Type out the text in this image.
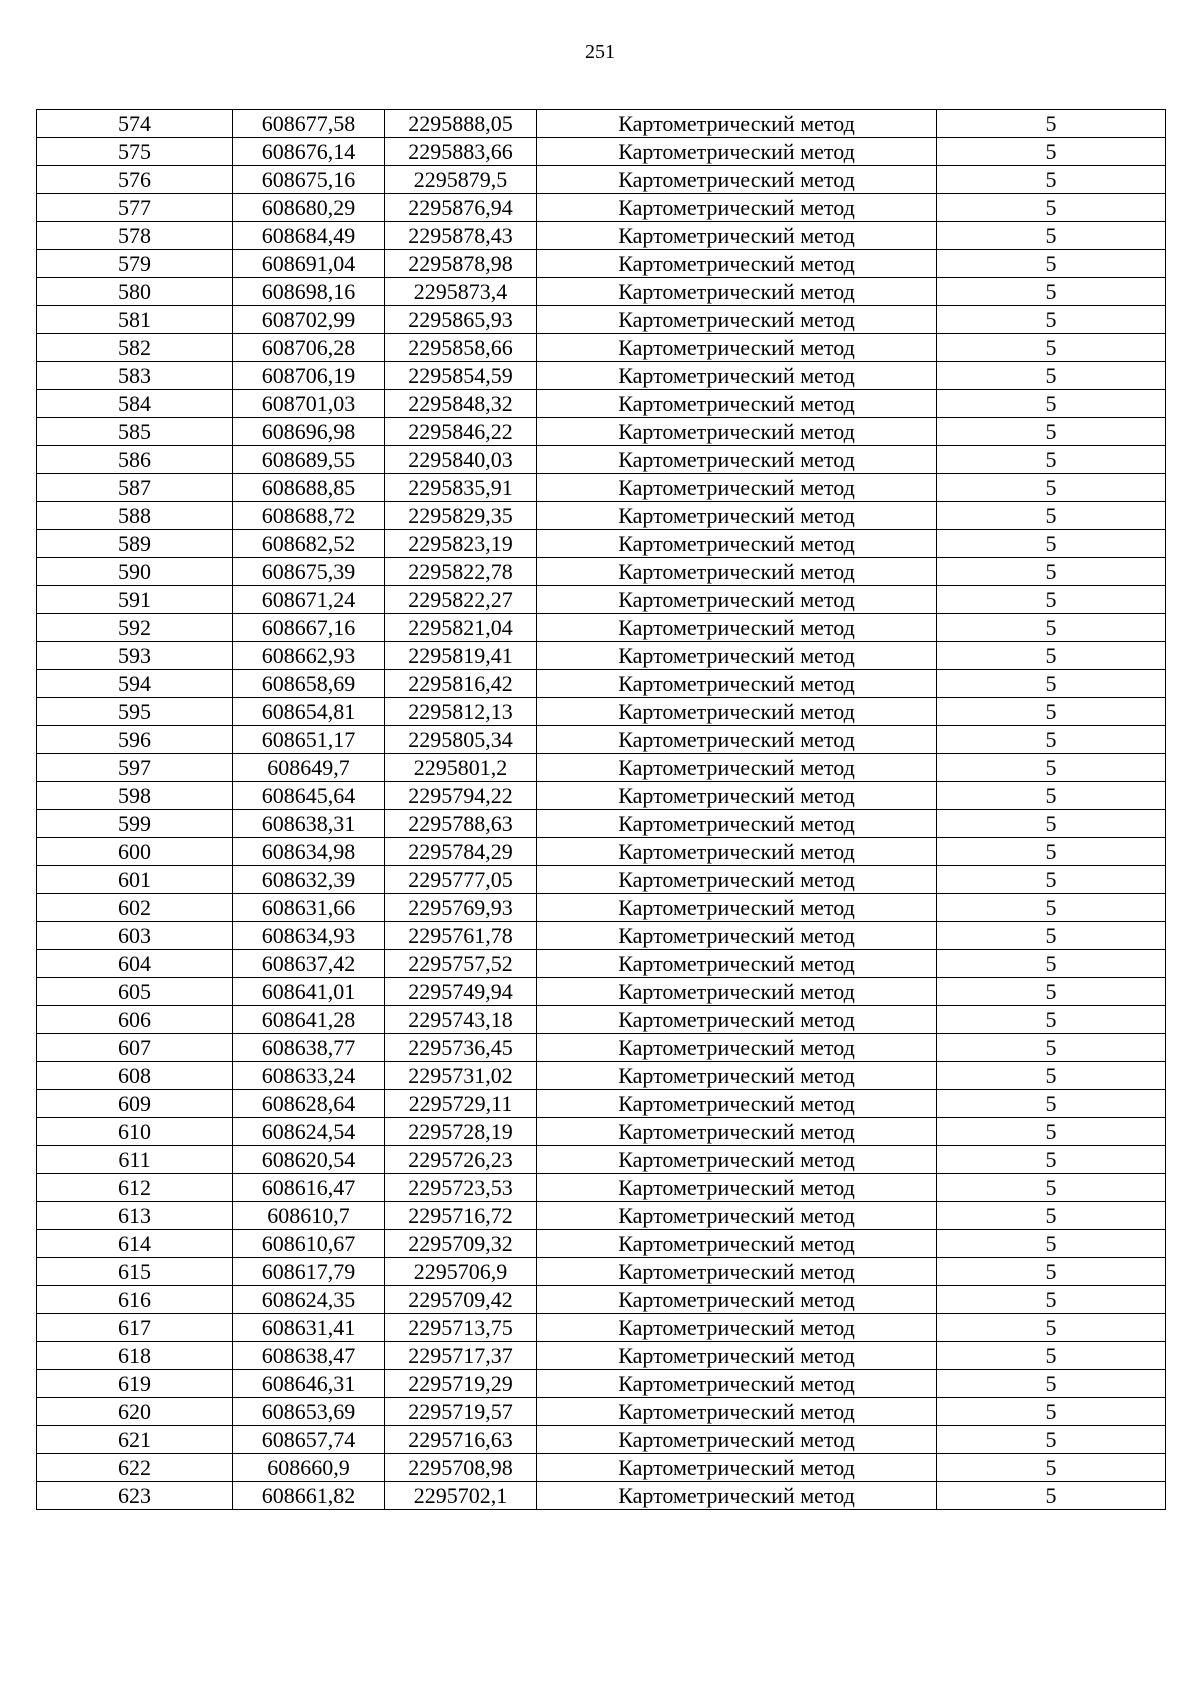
251
574	608677,58	2295888,05	Картометрический метод	5
575	608676,14	2295883,66	Картометрический метод	5
576	608675,16	2295879,5	Картометрический метод	5
577	608680,29	2295876,94	Картометрический метод	5
578	608684,49	2295878,43	Картометрический метод	5
579	608691,04	2295878,98	Картометрический метод	5
580	608698,16	2295873,4	Картометрический метод	5
581	608702,99	2295865,93	Картометрический метод	5
582	608706,28	2295858,66	Картометрический метод	5
583	608706,19	2295854,59	Картометрический метод	5
584	608701,03	2295848,32	Картометрический метод	5
585	608696,98	2295846,22	Картометрический метод	5
586	608689,55	2295840,03	Картометрический метод	5
587	608688,85	2295835,91	Картометрический метод	5
588	608688,72	2295829,35	Картометрический метод	5
589	608682,52	2295823,19	Картометрический метод	5
590	608675,39	2295822,78	Картометрический метод	5
591	608671,24	2295822,27	Картометрический метод	5
592	608667,16	2295821,04	Картометрический метод	5
593	608662,93	2295819,41	Картометрический метод	5
594	608658,69	2295816,42	Картометрический метод	5
595	608654,81	2295812,13	Картометрический метод	5
596	608651,17	2295805,34	Картометрический метод	5
597	608649,7	2295801,2	Картометрический метод	5
598	608645,64	2295794,22	Картометрический метод	5
599	608638,31	2295788,63	Картометрический метод	5
600	608634,98	2295784,29	Картометрический метод	5
601	608632,39	2295777,05	Картометрический метод	5
602	608631,66	2295769,93	Картометрический метод	5
603	608634,93	2295761,78	Картометрический метод	5
604	608637,42	2295757,52	Картометрический метод	5
605	608641,01	2295749,94	Картометрический метод	5
606	608641,28	2295743,18	Картометрический метод	5
607	608638,77	2295736,45	Картометрический метод	5
608	608633,24	2295731,02	Картометрический метод	5
609	608628,64	2295729,11	Картометрический метод	5
610	608624,54	2295728,19	Картометрический метод	5
611	608620,54	2295726,23	Картометрический метод	5
612	608616,47	2295723,53	Картометрический метод	5
613	608610,7	2295716,72	Картометрический метод	5
614	608610,67	2295709,32	Картометрический метод	5
615	608617,79	2295706,9	Картометрический метод	5
616	608624,35	2295709,42	Картометрический метод	5
617	608631,41	2295713,75	Картометрический метод	5
618	608638,47	2295717,37	Картометрический метод	5
619	608646,31	2295719,29	Картометрический метод	5
620	608653,69	2295719,57	Картометрический метод	5
621	608657,74	2295716,63	Картометрический метод	5
622	608660,9	2295708,98	Картометрический метод	5
623	608661,82	2295702,1	Картометрический метод	5
